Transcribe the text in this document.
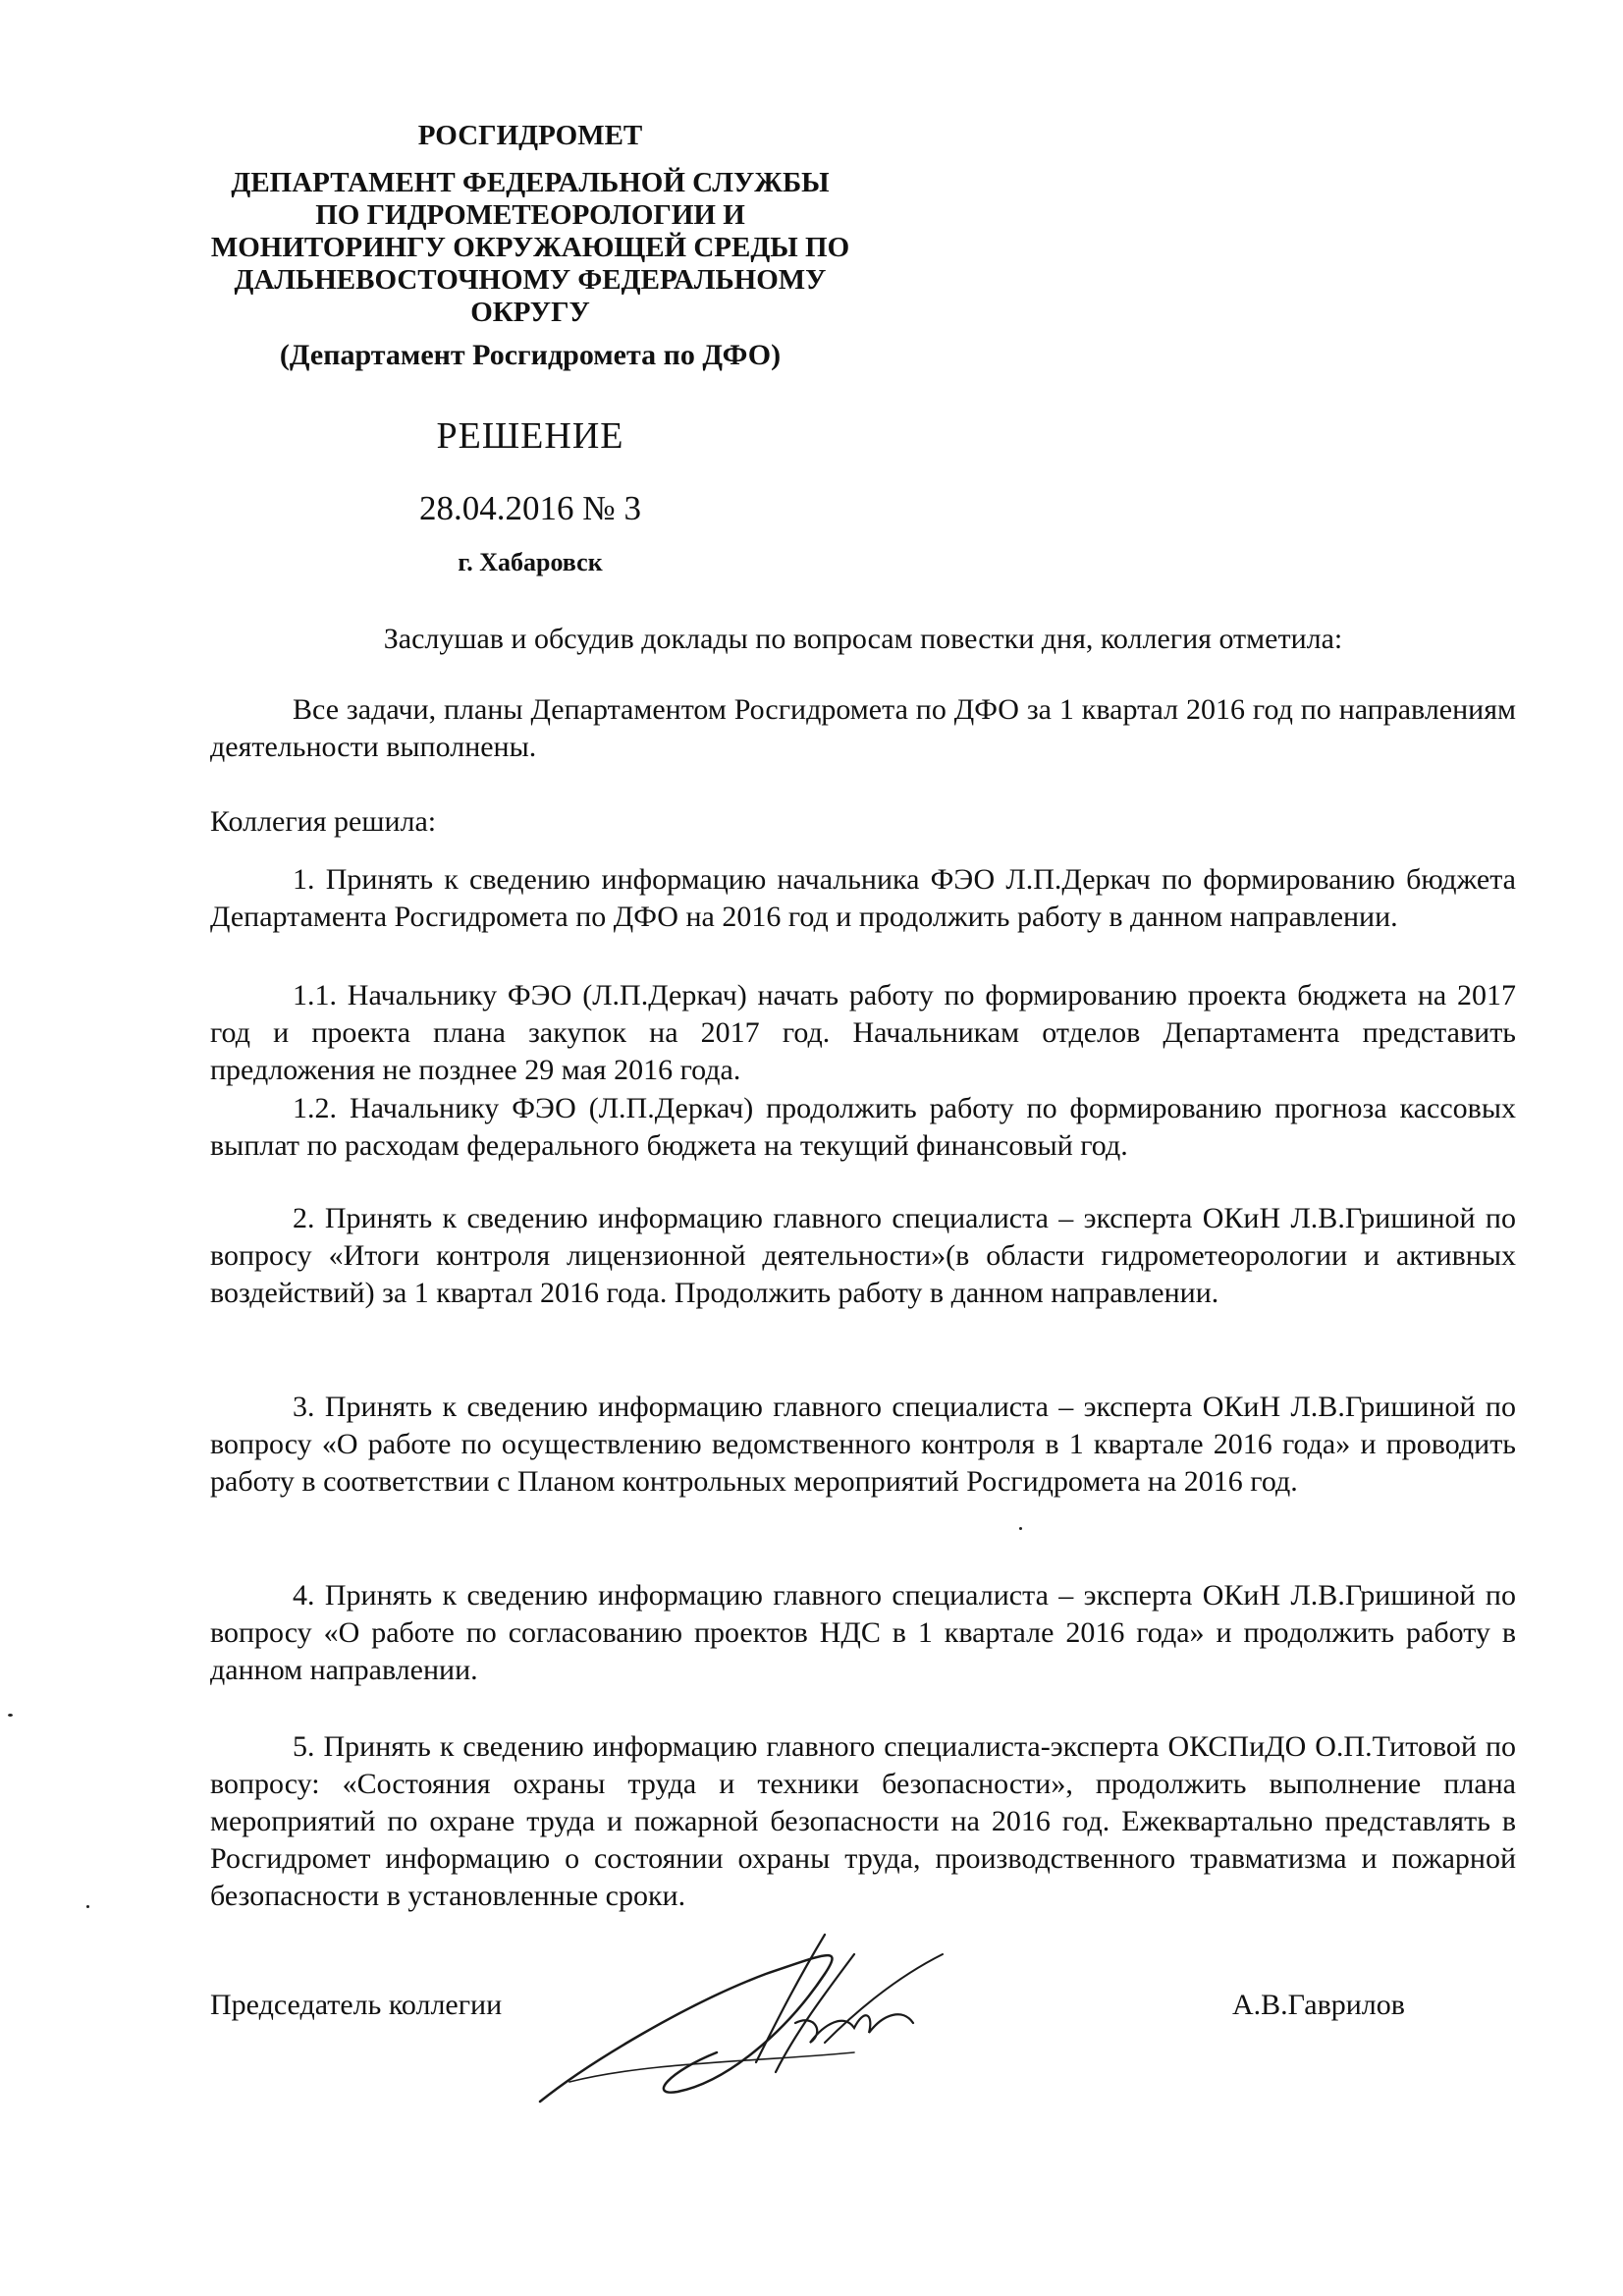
РОСГИДРОМЕТ
ДЕПАРТАМЕНТ ФЕДЕРАЛЬНОЙ СЛУЖБЫ
ПО ГИДРОМЕТЕОРОЛОГИИ И
МОНИТОРИНГУ ОКРУЖАЮЩЕЙ СРЕДЫ ПО
ДАЛЬНЕВОСТОЧНОМУ ФЕДЕРАЛЬНОМУ
ОКРУГУ
(Департамент Росгидромета по ДФО)
РЕШЕНИЕ
28.04.2016 № 3
г. Хабаровск
Заслушав и обсудив доклады по вопросам повестки дня, коллегия отметила:
Все задачи, планы Департаментом Росгидромета по ДФО за 1 квартал 2016 год по направлениям деятельности выполнены.
Коллегия решила:
1. Принять к сведению информацию начальника ФЭО Л.П.Деркач по формированию бюджета Департамента Росгидромета по ДФО на 2016 год и продолжить работу в данном направлении.
1.1. Начальнику ФЭО (Л.П.Деркач) начать работу по формированию проекта бюджета на 2017 год и проекта плана закупок на 2017 год. Начальникам отделов Департамента представить предложения не позднее 29 мая 2016 года.
1.2. Начальнику ФЭО (Л.П.Деркач) продолжить работу по формированию прогноза кассовых выплат по расходам федерального бюджета на текущий финансовый год.
2. Принять к сведению информацию главного специалиста – эксперта ОКиН Л.В.Гришиной по вопросу «Итоги контроля лицензионной деятельности»(в области гидрометеорологии и активных воздействий) за 1 квартал 2016 года. Продолжить работу в данном направлении.
3. Принять к сведению информацию главного специалиста – эксперта ОКиН Л.В.Гришиной по вопросу «О работе по осуществлению ведомственного контроля в 1 квартале 2016 года» и проводить работу в соответствии с Планом контрольных мероприятий Росгидромета на 2016 год.
4. Принять к сведению информацию главного специалиста – эксперта ОКиН Л.В.Гришиной по вопросу «О работе по согласованию проектов НДС в 1 квартале 2016 года» и продолжить работу в данном направлении.
5. Принять к сведению информацию главного специалиста-эксперта ОКСПиДО О.П.Титовой по вопросу: «Состояния охраны труда и техники безопасности», продолжить выполнение плана мероприятий по охране труда и пожарной безопасности на 2016 год. Ежеквартально представлять в Росгидромет информацию о состоянии охраны труда, производственного травматизма и пожарной безопасности в установленные сроки.
Председатель коллегии	А.В.Гаврилов
